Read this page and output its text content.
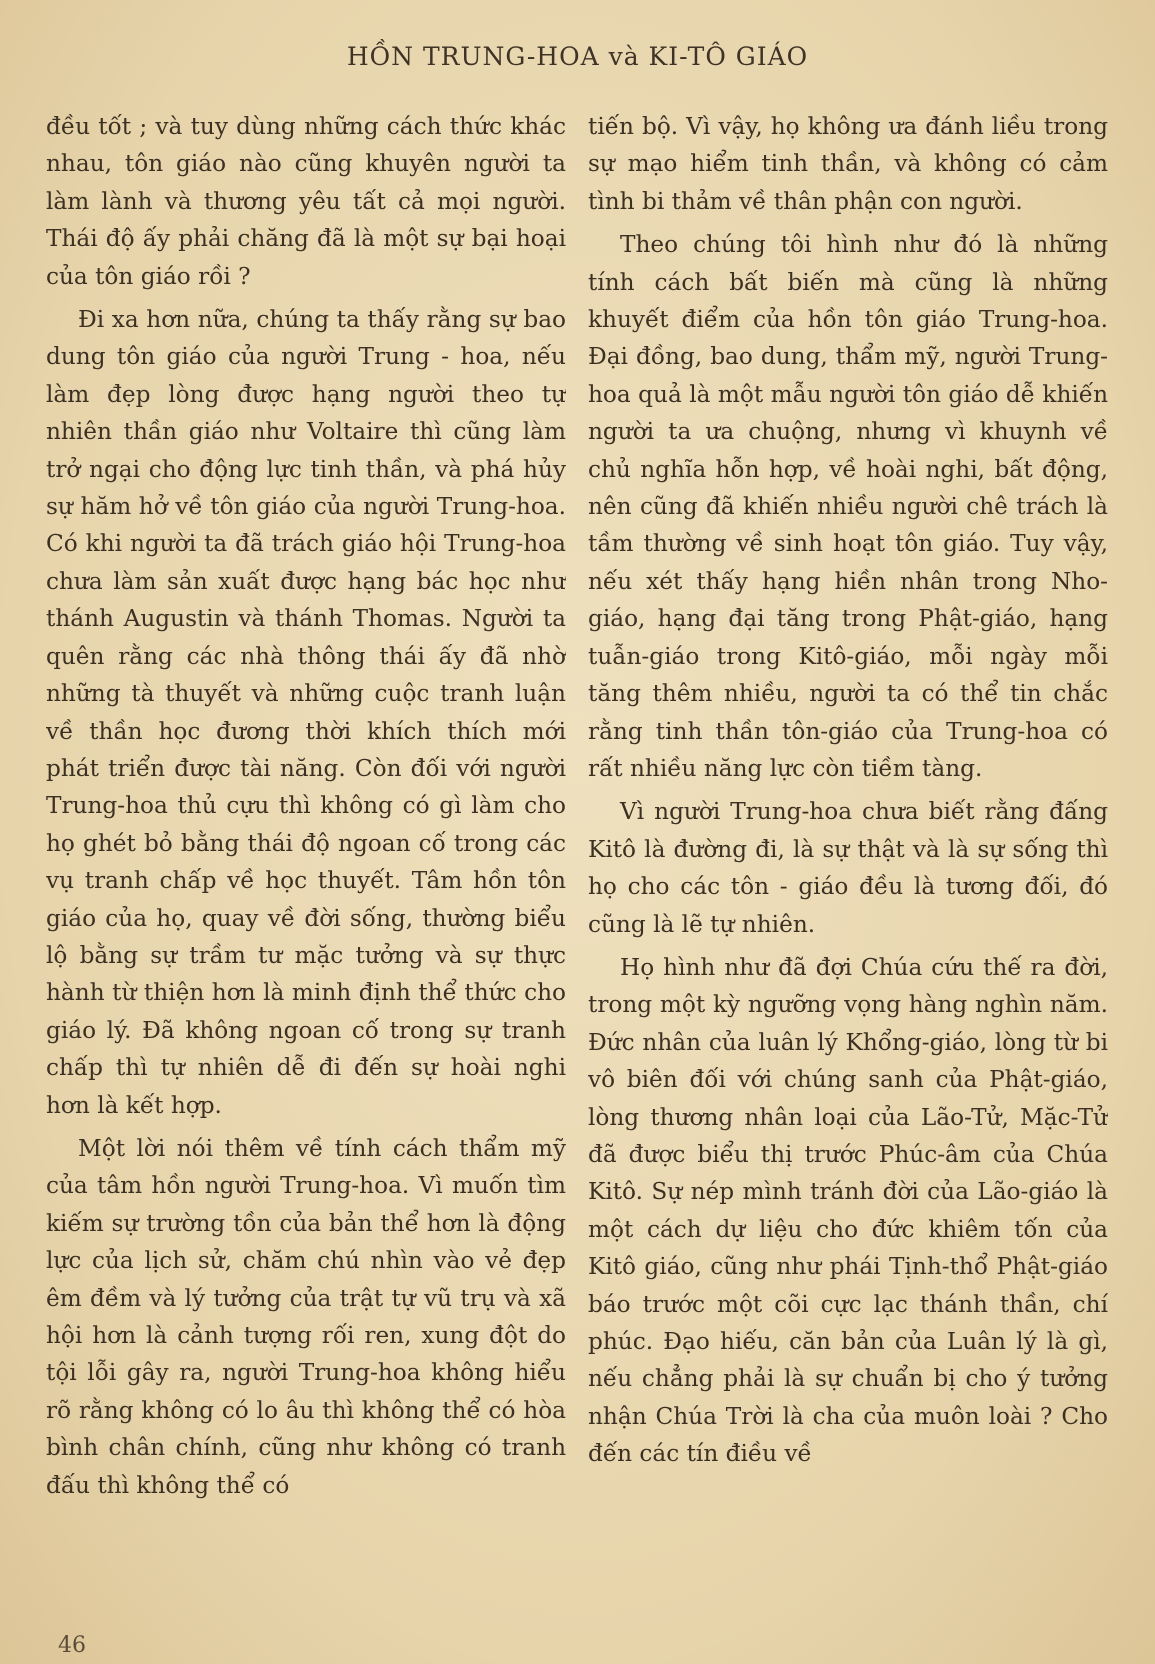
HỒN TRUNG-HOA và KI-TÔ GIÁO

đều tốt ; và tuy dùng những cách thức khác nhau, tôn giáo nào cũng khuyên người ta làm lành và thương yêu tất cả mọi người. Thái độ ấy phải chăng đã là một sự bại hoại của tôn giáo rồi ?

Đi xa hơn nữa, chúng ta thấy rằng sự bao dung tôn giáo của người Trung - hoa, nếu làm đẹp lòng được hạng người theo tự nhiên thần giáo như Voltaire thì cũng làm trở ngại cho động lực tinh thần, và phá hủy sự hăm hở về tôn giáo của người Trung-hoa. Có khi người ta đã trách giáo hội Trung-hoa chưa làm sản xuất được hạng bác học như thánh Augustin và thánh Thomas. Người ta quên rằng các nhà thông thái ấy đã nhờ những tà thuyết và những cuộc tranh luận về thần học đương thời khích thích mới phát triển được tài năng. Còn đối với người Trung-hoa thủ cựu thì không có gì làm cho họ ghét bỏ bằng thái độ ngoan cố trong các vụ tranh chấp về học thuyết. Tâm hồn tôn giáo của họ, quay về đời sống, thường biểu lộ bằng sự trầm tư mặc tưởng và sự thực hành từ thiện hơn là minh định thể thức cho giáo lý. Đã không ngoan cố trong sự tranh chấp thì tự nhiên dễ đi đến sự hoài nghi hơn là kết hợp.

Một lời nói thêm về tính cách thẩm mỹ của tâm hồn người Trung-hoa. Vì muốn tìm kiếm sự trường tồn của bản thể hơn là động lực của lịch sử, chăm chú nhìn vào vẻ đẹp êm đềm và lý tưởng của trật tự vũ trụ và xã hội hơn là cảnh tượng rối ren, xung đột do tội lỗi gây ra, người Trung-hoa không hiểu rõ rằng không có lo âu thì không thể có hòa bình chân chính, cũng như không có tranh đấu thì không thể có

tiến bộ. Vì vậy, họ không ưa đánh liều trong sự mạo hiểm tinh thần, và không có cảm tình bi thảm về thân phận con người.

Theo chúng tôi hình như đó là những tính cách bất biến mà cũng là những khuyết điểm của hồn tôn giáo Trung-hoa. Đại đồng, bao dung, thẩm mỹ, người Trung-hoa quả là một mẫu người tôn giáo dễ khiến người ta ưa chuộng, nhưng vì khuynh về chủ nghĩa hỗn hợp, về hoài nghi, bất động, nên cũng đã khiến nhiều người chê trách là tầm thường về sinh hoạt tôn giáo. Tuy vậy, nếu xét thấy hạng hiền nhân trong Nho-giáo, hạng đại tăng trong Phật-giáo, hạng tuẫn-giáo trong Kitô-giáo, mỗi ngày mỗi tăng thêm nhiều, người ta có thể tin chắc rằng tinh thần tôn-giáo của Trung-hoa có rất nhiều năng lực còn tiềm tàng.

Vì người Trung-hoa chưa biết rằng đấng Kitô là đường đi, là sự thật và là sự sống thì họ cho các tôn - giáo đều là tương đối, đó cũng là lẽ tự nhiên.

Họ hình như đã đợi Chúa cứu thế ra đời, trong một kỳ ngưỡng vọng hàng nghìn năm. Đức nhân của luân lý Khổng-giáo, lòng từ bi vô biên đối với chúng sanh của Phật-giáo, lòng thương nhân loại của Lão-Tử, Mặc-Tử đã được biểu thị trước Phúc-âm của Chúa Kitô. Sự nép mình tránh đời của Lão-giáo là một cách dự liệu cho đức khiêm tốn của Kitô giáo, cũng như phái Tịnh-thổ Phật-giáo báo trước một cõi cực lạc thánh thần, chí phúc. Đạo hiếu, căn bản của Luân lý là gì, nếu chẳng phải là sự chuẩn bị cho ý tưởng nhận Chúa Trời là cha của muôn loài ? Cho đến các tín điều về

46
